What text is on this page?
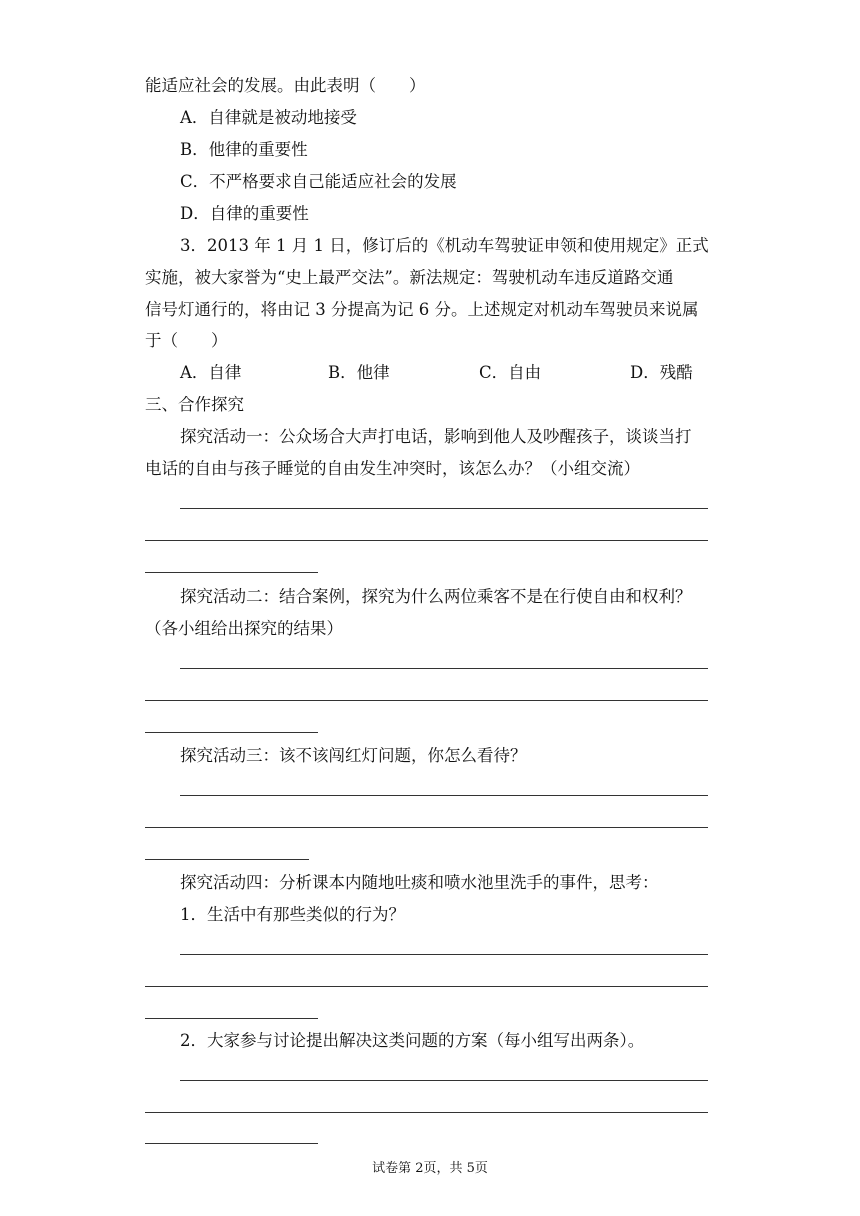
能适应社会的发展。由此表明（　　）
A．自律就是被动地接受
B．他律的重要性
C．不严格要求自己能适应社会的发展
D．自律的重要性
3．2013 年 1 月 1 日，修订后的《机动车驾驶证申领和使用规定》正式
实施，被大家誉为“史上最严交法”。新法规定：驾驶机动车违反道路交通
信号灯通行的，将由记 3 分提高为记 6 分。上述规定对机动车驾驶员来说属
于（　　）
A．自律	B．他律	C．自由	D．残酷
三、合作探究
探究活动一：公众场合大声打电话，影响到他人及吵醒孩子，谈谈当打
电话的自由与孩子睡觉的自由发生冲突时，该怎么办？（小组交流）
探究活动二：结合案例，探究为什么两位乘客不是在行使自由和权利？
（各小组给出探究的结果）
探究活动三：该不该闯红灯问题，你怎么看待？
探究活动四：分析课本内随地吐痰和喷水池里洗手的事件，思考：
1．生活中有那些类似的行为？
2．大家参与讨论提出解决这类问题的方案（每小组写出两条）。
试卷第 2页，共 5页
